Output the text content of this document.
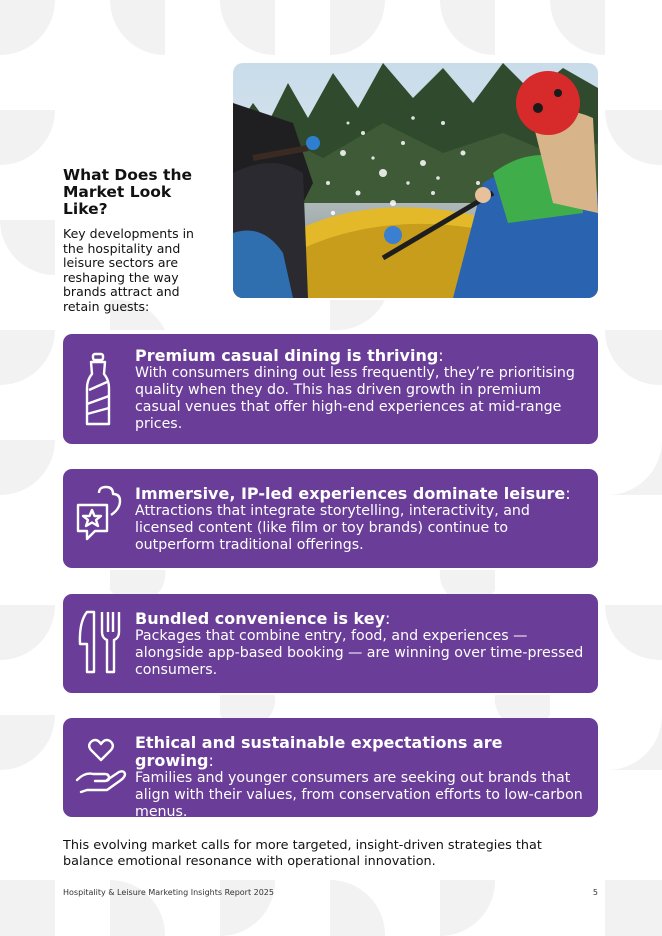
What Does the Market Look Like?

Key developments in the hospitality and leisure sectors are reshaping the way brands attract and retain guests:

Premium casual dining is thriving:
With consumers dining out less frequently, they’re prioritising quality when they do. This has driven growth in premium casual venues that offer high-end experiences at mid-range prices.
Immersive, IP-led experiences dominate leisure:
Attractions that integrate storytelling, interactivity, and licensed content (like film or toy brands) continue to outperform traditional offerings.
Bundled convenience is key:
Packages that combine entry, food, and experiences — alongside app-based booking — are winning over time-pressed consumers.
Ethical and sustainable expectations are growing:
Families and younger consumers are seeking out brands that align with their values, from conservation efforts to low-carbon menus.

This evolving market calls for more targeted, insight-driven strategies that balance emotional resonance with operational innovation.

Hospitality & Leisure Marketing Insights Report 2025	5
